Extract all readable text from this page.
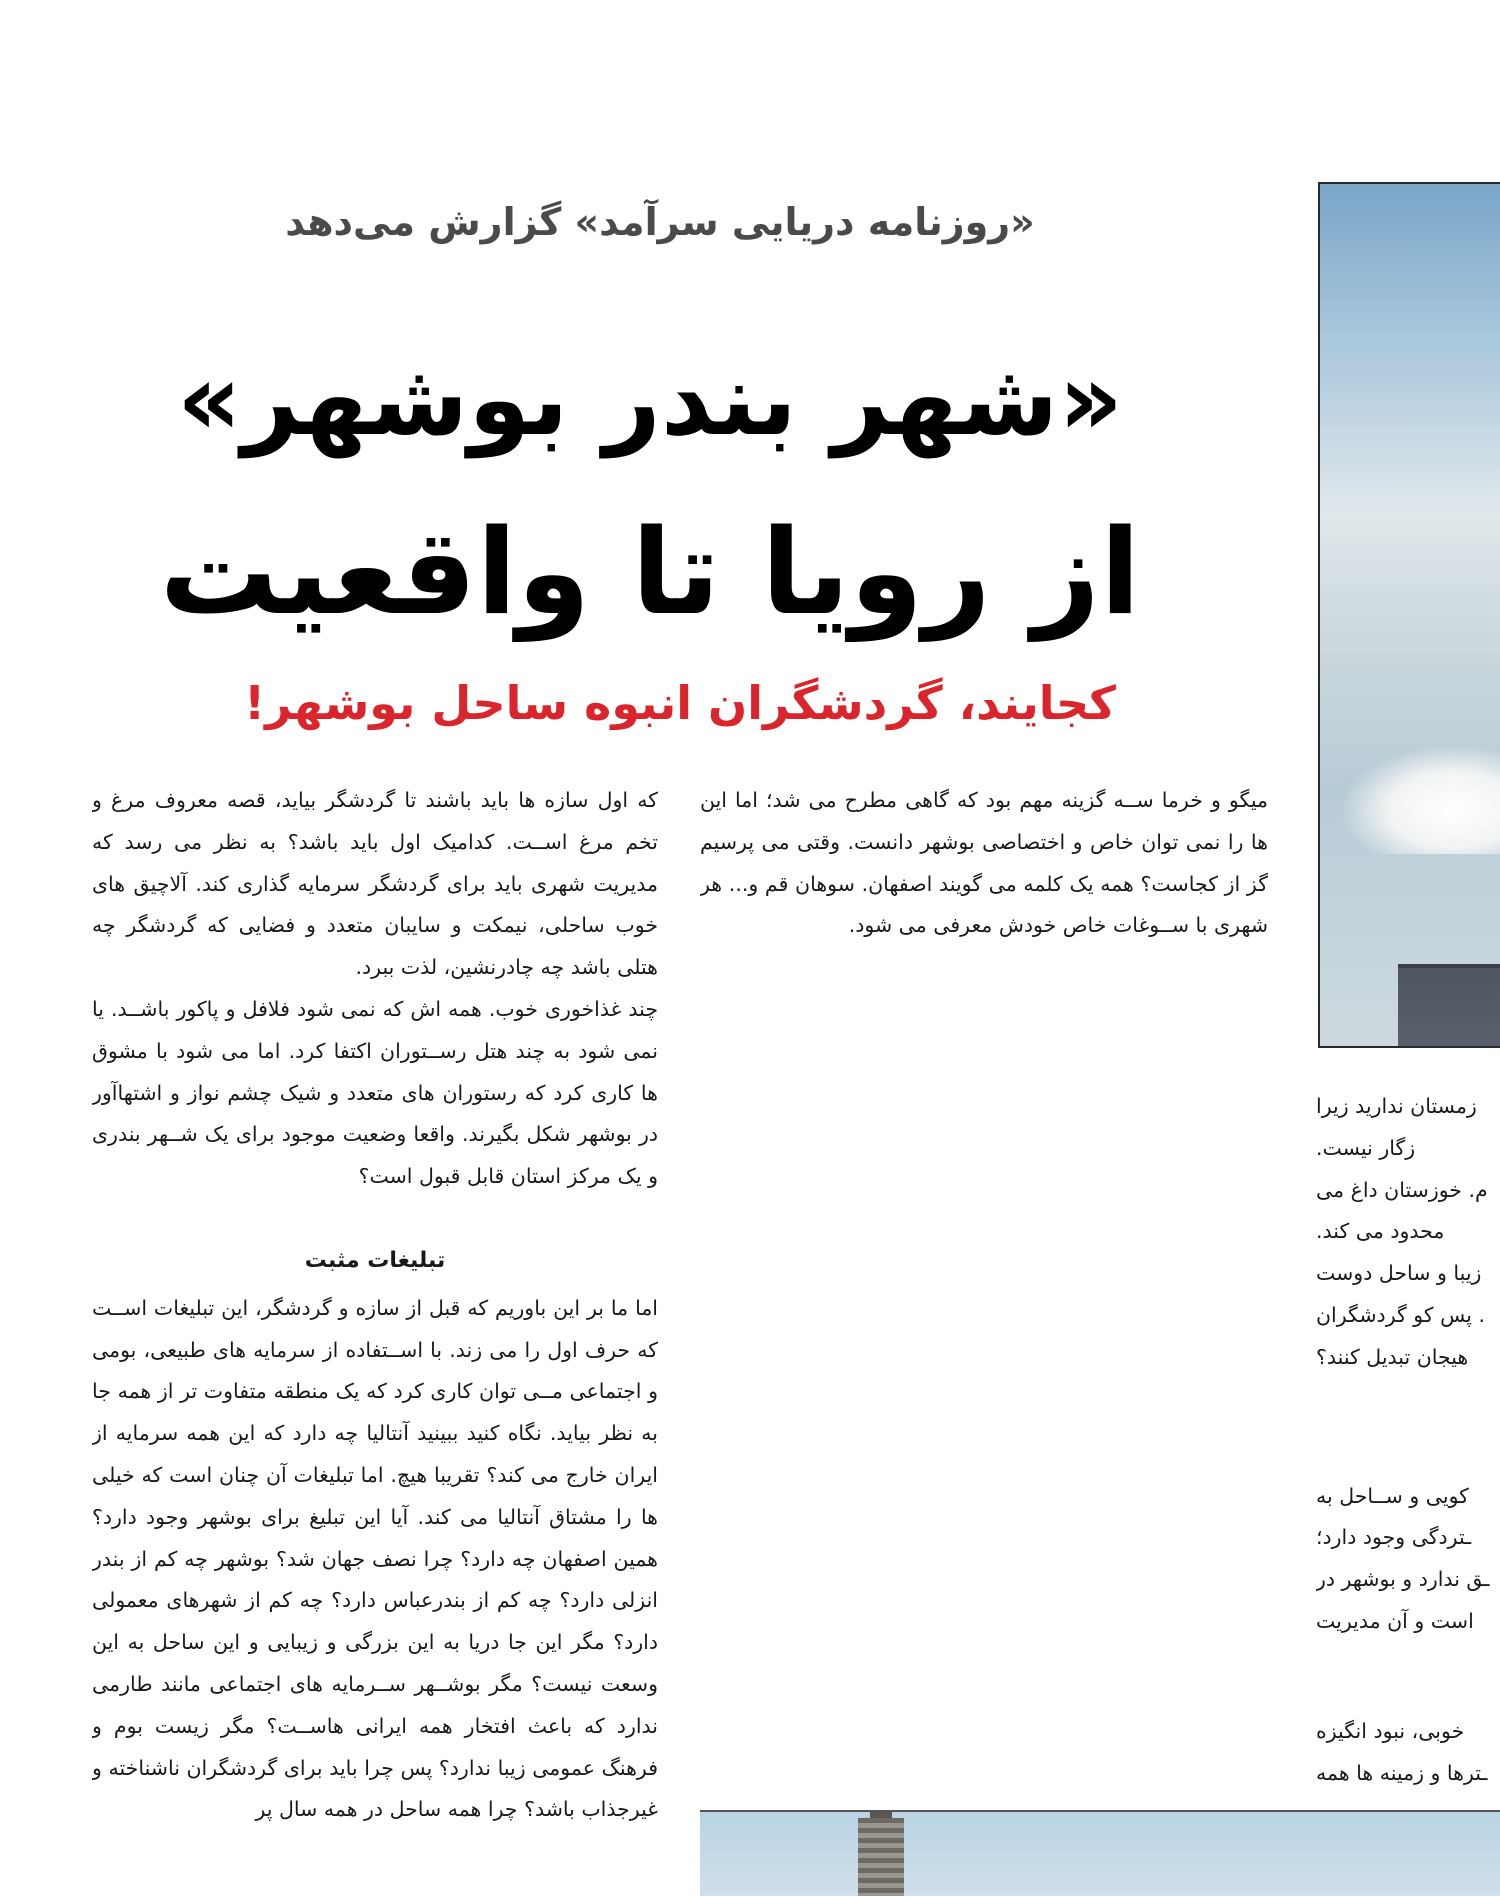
«روزنامه دریایی سرآمد» گزارش می‌دهد
«شهر بندر بوشهر»
از رویا تا واقعیت
کجایند، گردشگران انبوه ساحل بوشهر!

میگو و خرما ســه گزینه مهم بود که گاهی مطرح می شد؛ اما این ها را نمی توان خاص و اختصاصی بوشهر دانست. وقتی می پرسیم گز از کجاست؟ همه یک کلمه می گویند اصفهان. سوهان قم و... هر شهری با ســوغات خاص خودش معرفی می شود.

که اول سازه ها باید باشند تا گردشگر بیاید، قصه معروف مرغ و تخم مرغ اســت. کدامیک اول باید باشد؟ به نظر می رسد که مدیریت شهری باید برای گردشگر سرمایه گذاری کند. آلاچیق های خوب ساحلی، نیمکت و سایبان متعدد و فضایی که گردشگر چه هتلی باشد چه چادرنشین، لذت ببرد.

چند غذاخوری خوب. همه اش که نمی شود فلافل و پاکور باشــد. یا نمی شود به چند هتل رســتوران اکتفا کرد. اما می شود با مشوق ها کاری کرد که رستوران های متعدد و شیک چشم نواز و اشتهاآور در بوشهر شکل بگیرند. واقعا وضعیت موجود برای یک شــهر بندری و یک مرکز استان قابل قبول است؟

تبلیغات مثبت

اما ما بر این باوریم که قبل از سازه و گردشگر، این تبلیغات اســت که حرف اول را می زند. با اســتفاده از سرمایه های طبیعی، بومی و اجتماعی مــی توان کاری کرد که یک منطقه متفاوت تر از همه جا به نظر بیاید. نگاه کنید ببینید آنتالیا چه دارد که این همه سرمایه از ایران خارج می کند؟ تقریبا هیچ. اما تبلیغات آن چنان است که خیلی ها را مشتاق آنتالیا می کند. آیا این تبلیغ برای بوشهر وجود دارد؟ همین اصفهان چه دارد؟ چرا نصف جهان شد؟ بوشهر چه کم از بندر انزلی دارد؟ چه کم از بندرعباس دارد؟ چه کم از شهرهای معمولی دارد؟ مگر این جا دریا به این بزرگی و زیبایی و این ساحل به این وسعت نیست؟ مگر بوشــهر ســرمایه های اجتماعی مانند طارمی ندارد که باعث افتخار همه ایرانی هاســت؟ مگر زیست بوم و فرهنگ عمومی زیبا ندارد؟ پس چرا باید برای گردشگران ناشناخته و غیرجذاب باشد؟ چرا همه ساحل در همه سال پر

زمستان ندارید زیرا
زگار نیست.
م. خوزستان داغ می
محدود می کند.
زیبا و ساحل دوست
. پس کو گردشگران
هیجان تبدیل کنند؟
کویی و ســاحل به
ـتردگی وجود دارد؛
ـق ندارد و بوشهر در
است و آن مدیریت
خوبی، نبود انگیزه
ـترها و زمینه ها همه
